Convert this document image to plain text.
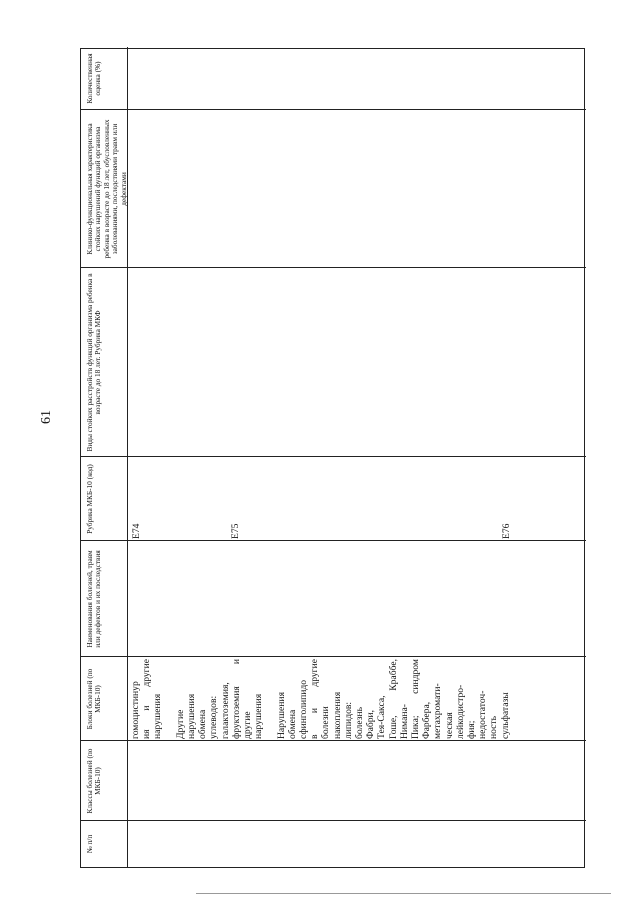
61
№ п/п
Классы болезней (по МКБ-10)
Блоки болезней (по МКБ-10)
Наименования болезней, травм или дефектов и их последствия
Рубрика МКБ-10 (код)
Виды стойких расстройств функций организма ребенка в возрасте до 18 лет. Рубрика МКФ
Клинико-функциональная характеристика стойких нарушений функций организма ребенка в возрасте до 18 лет, обусловленных заболеваниями, последствиями травм или дефектами
Количественная оценка (%)
гомоцистинур ия и другие нарушения Другие нарушения обмена углеводов: галактоземия, фруктоземия и другие нарушения Нарушения обмена сфинголипидо в и другие болезни накопления липидов: болезнь Фабри, Тея-Сакса, Гоше, Краббе, Нимана- Пика; синдром Фарбера, метахромати- ческая лейкодистро- фия; недостаточ- ность сульфатазы
E74	E75	E76
